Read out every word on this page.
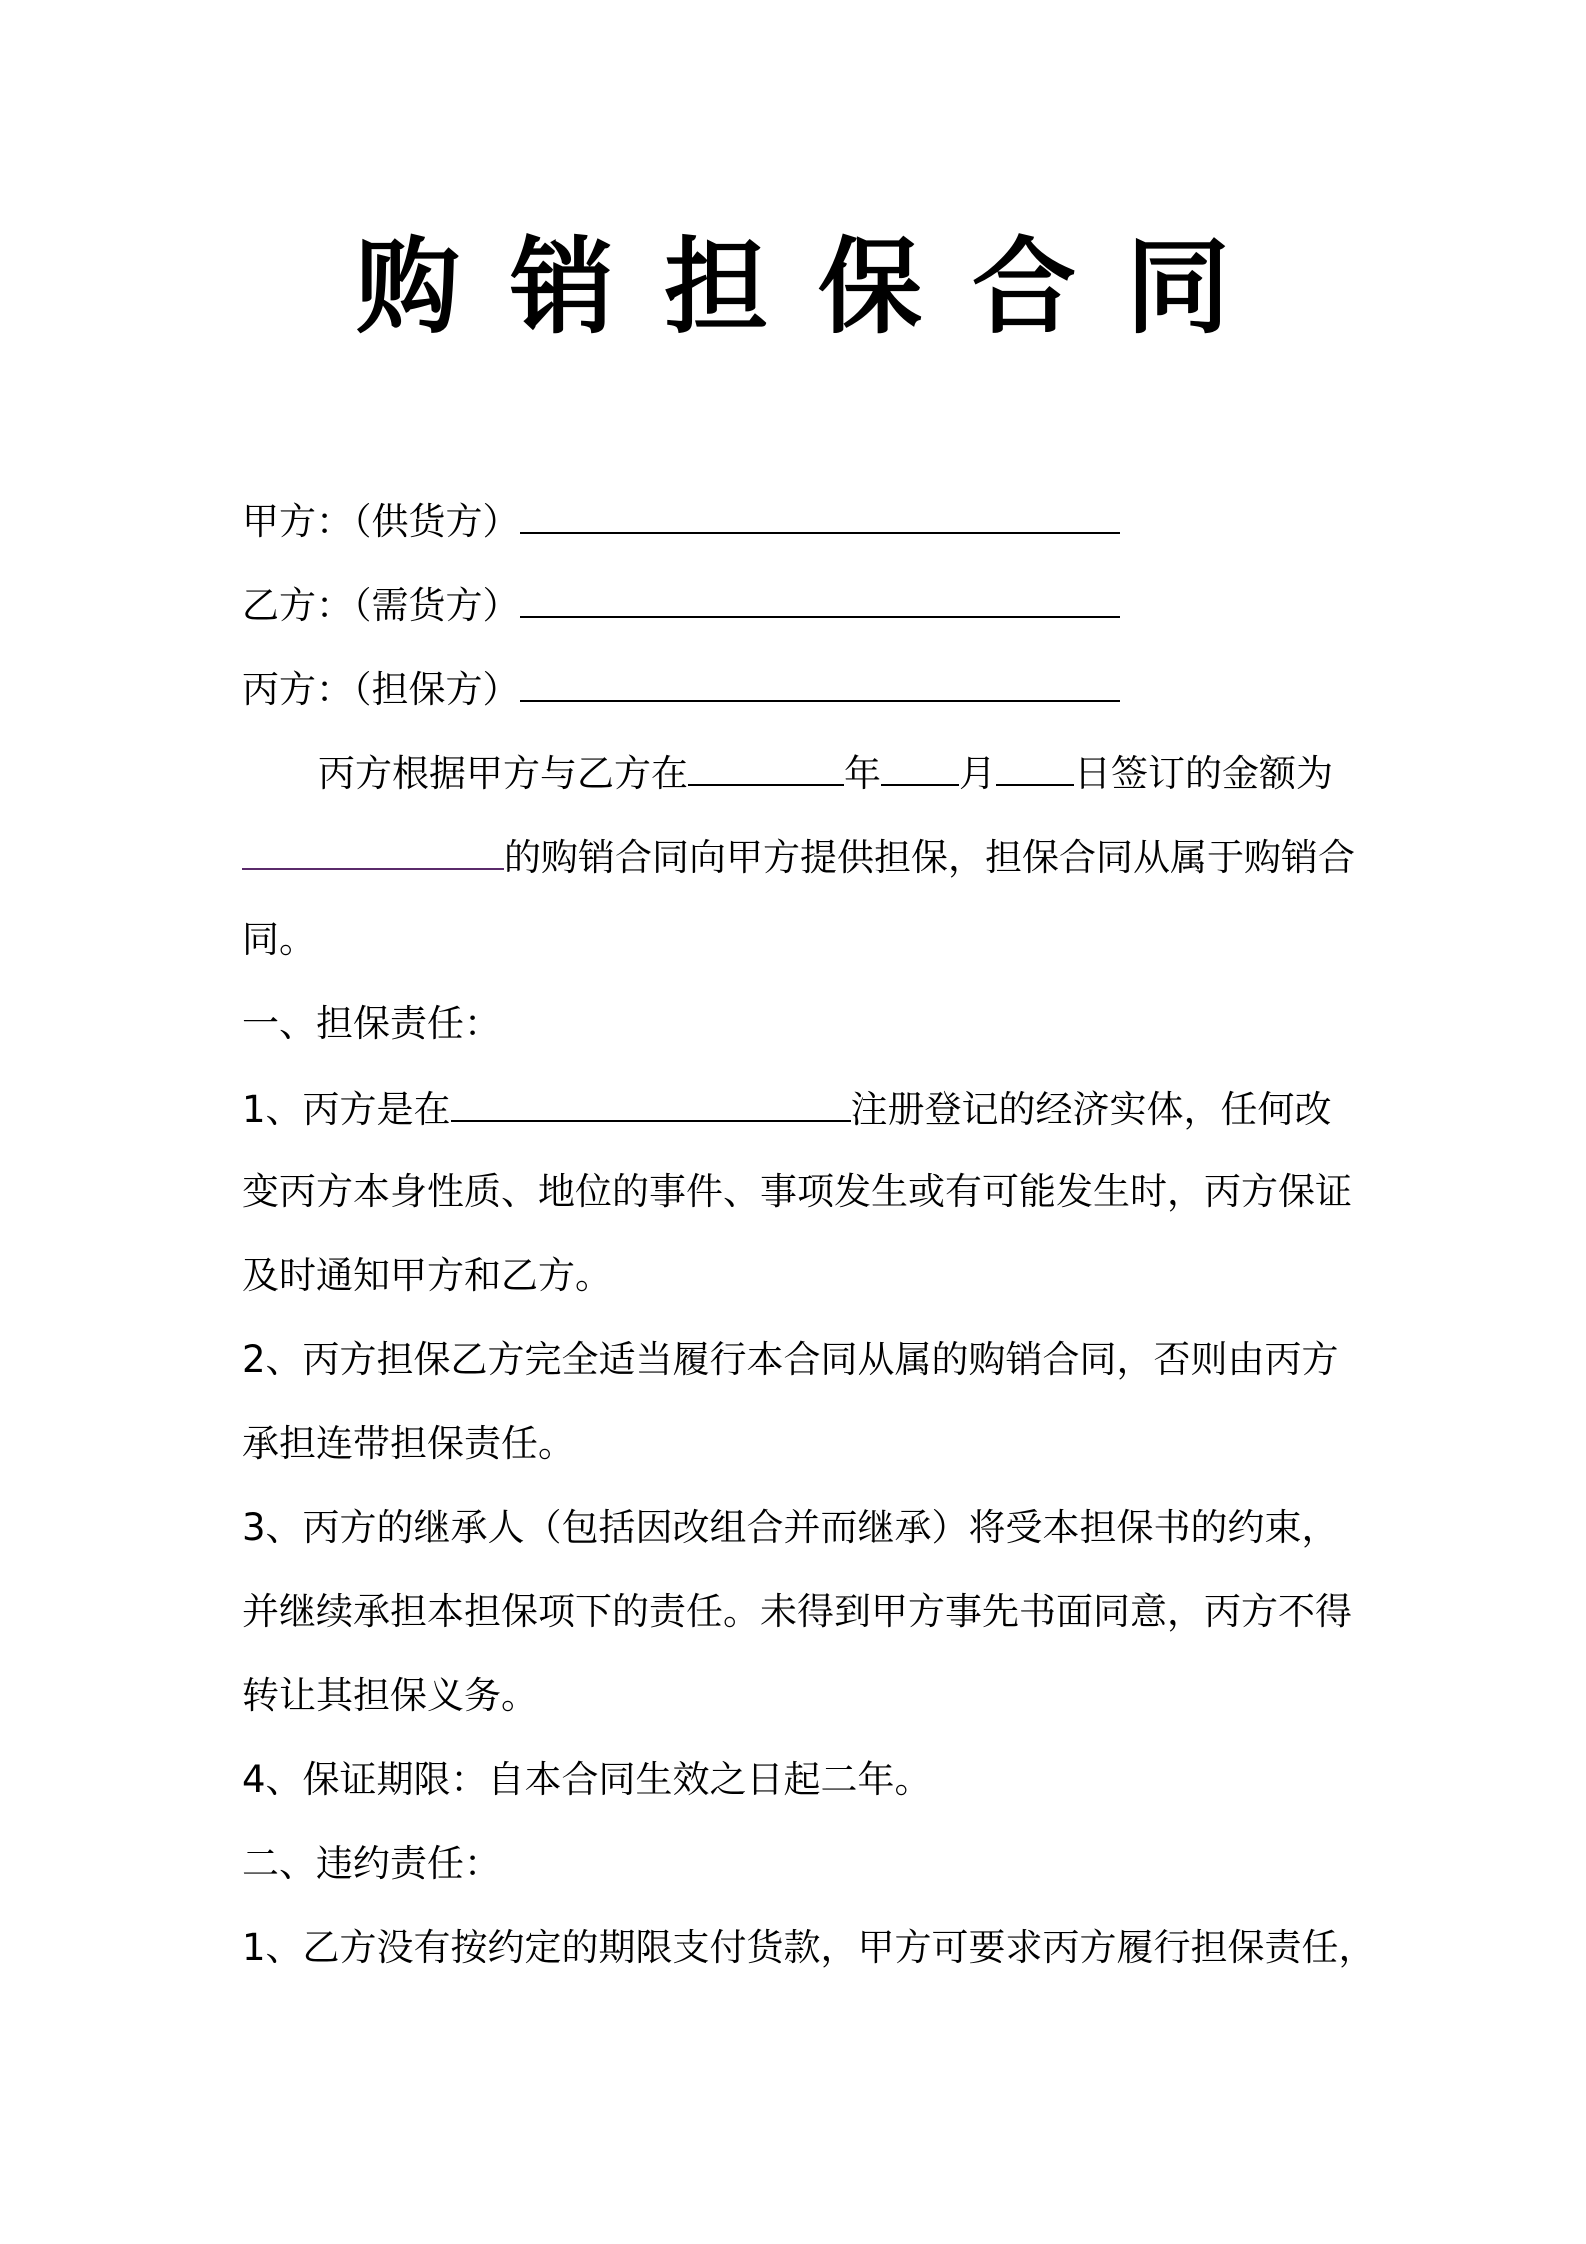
购销担保合同
甲方：（供货方）
乙方：（需货方）
丙方：（担保方）
丙方根据甲方与乙方在	年 月 日签订的金额为
的购销合同向甲方提供担保，担保合同从属于购销合
同。
一、担保责任：
1、丙方是在	注册登记的经济实体，任何改
变丙方本身性质、地位的事件、事项发生或有可能发生时，丙方保证
及时通知甲方和乙方。
2、丙方担保乙方完全适当履行本合同从属的购销合同，否则由丙方
承担连带担保责任。
3、丙方的继承人（包括因改组合并而继承）将受本担保书的约束，
并继续承担本担保项下的责任。未得到甲方事先书面同意，丙方不得
转让其担保义务。
4、保证期限：自本合同生效之日起二年。
二、违约责任：
1、乙方没有按约定的期限支付货款，甲方可要求丙方履行担保责任，
